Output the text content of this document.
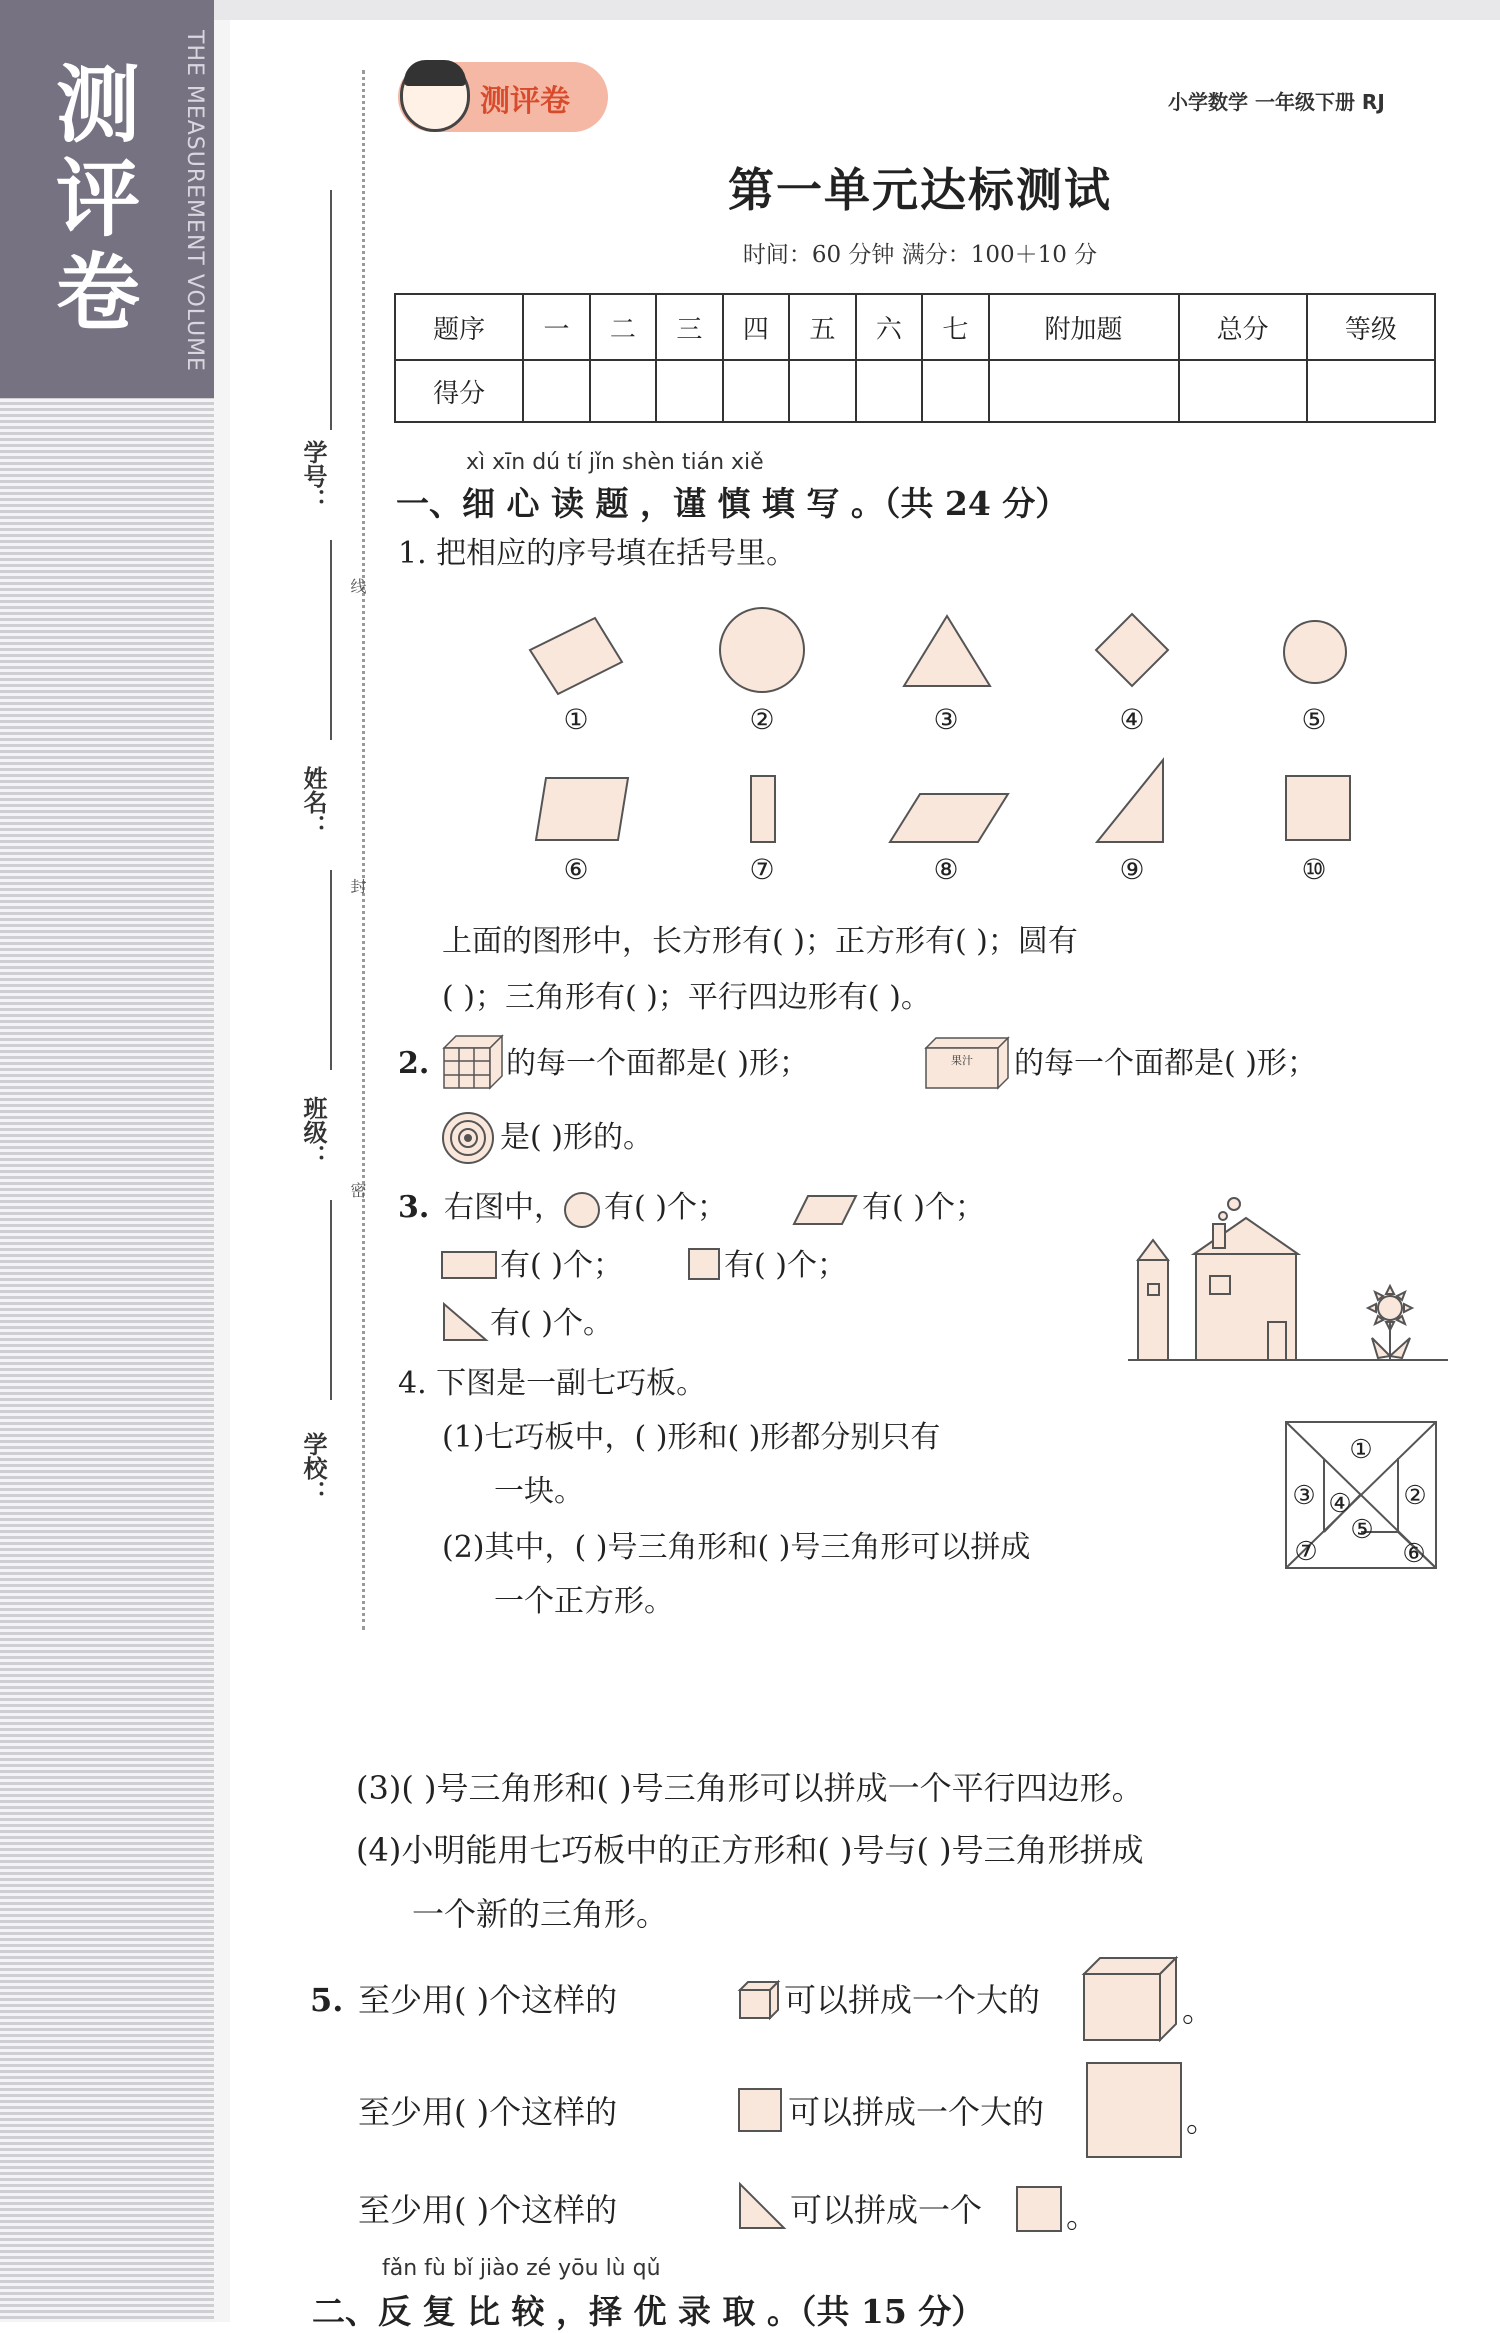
测评卷 THE MEASUREMENT VOLUME
学号：
姓名：
班级：
学校：
线
封
密
测评卷	小学数学 一年级下册 RJ
第一单元达标测试
时间：60 分钟 满分：100＋10 分
题序	一	二	三	四	五	六	七	附加题	总分	等级
得分										
xì xīn dú tí jǐn shèn tián xiě
一、细 心 读 题 ，谨 慎 填 写 。（共 24 分）
1. 把相应的序号填在括号里。
①	②	③	④	⑤
⑥	⑦	⑧	⑨	⑩
上面的图形中，长方形有( )；正方形有( )；圆有
( )；三角形有( )；平行四边形有( )。
2.	的每一个面都是( )形；	果汁 的每一个面都是( )形；
是( )形的。
3. 右图中， 有( )个；	有( )个；
有( )个；	有( )个；
有( )个。
4. 下图是一副七巧板。
(1)七巧板中，( )形和( )形都分别只有
一块。
(2)其中，( )号三角形和( )号三角形可以拼成
一个正方形。
①
②
③ ④
⑤
⑥
⑦
(3)( )号三角形和( )号三角形可以拼成一个平行四边形。
(4)小明能用七巧板中的正方形和( )号与( )号三角形拼成
一个新的三角形。
5. 至少用( )个这样的	可以拼成一个大的	。
至少用( )个这样的	可以拼成一个大的	。
至少用( )个这样的	可以拼成一个	。
fǎn fù bǐ jiào zé yōu lù qǔ
二、反 复 比 较 ，择 优 录 取 。（共 15 分）
